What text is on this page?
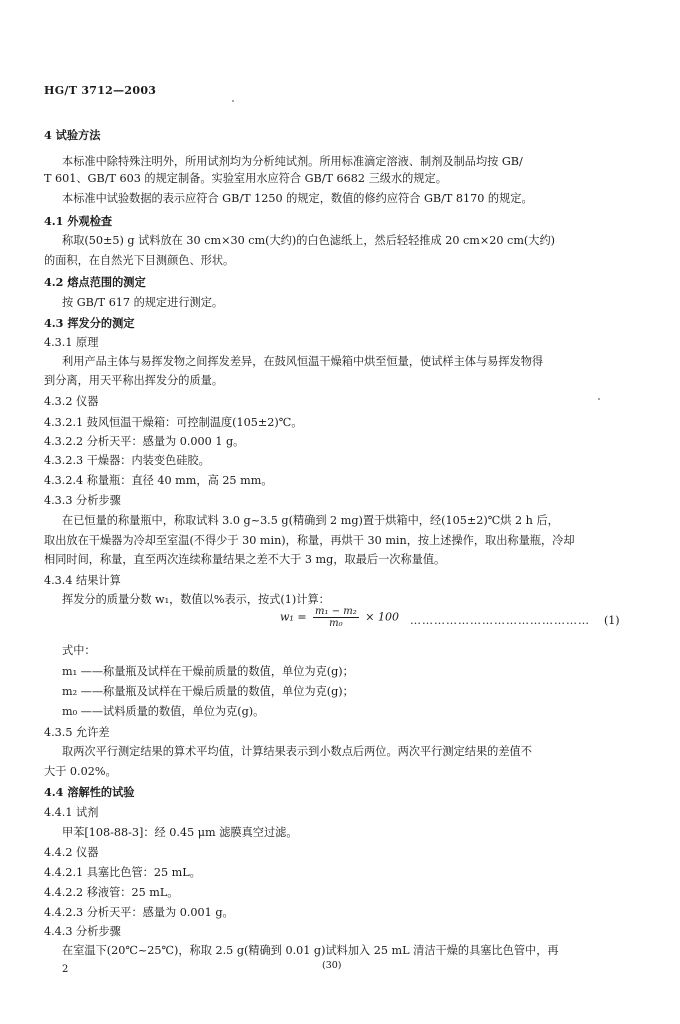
HG/T 3712—2003
4 试验方法
本标准中除特殊注明外，所用试剂均为分析纯试剂。所用标准滴定溶液、制剂及制品均按 GB/
T 601、GB/T 603 的规定制备。实验室用水应符合 GB/T 6682 三级水的规定。
本标准中试验数据的表示应符合 GB/T 1250 的规定，数值的修约应符合 GB/T 8170 的规定。
4.1 外观检查
称取(50±5) g 试料放在 30 cm×30 cm(大约)的白色滤纸上，然后轻轻推成 20 cm×20 cm(大约)
的面积，在自然光下目测颜色、形状。
4.2 熔点范围的测定
按 GB/T 617 的规定进行测定。
4.3 挥发分的测定
4.3.1 原理
利用产品主体与易挥发物之间挥发差异，在鼓风恒温干燥箱中烘至恒量，使试样主体与易挥发物得
到分离，用天平称出挥发分的质量。
4.3.2 仪器
4.3.2.1 鼓风恒温干燥箱：可控制温度(105±2)℃。
4.3.2.2 分析天平：感量为 0.000 1 g。
4.3.2.3 干燥器：内装变色硅胶。
4.3.2.4 称量瓶：直径 40 mm，高 25 mm。
4.3.3 分析步骤
在已恒量的称量瓶中，称取试料 3.0 g~3.5 g(精确到 2 mg)置于烘箱中，经(105±2)℃烘 2 h 后，
取出放在干燥器为冷却至室温(不得少于 30 min)，称量，再烘干 30 min，按上述操作，取出称量瓶，冷却
相同时间，称量，直至两次连续称量结果之差不大于 3 mg，取最后一次称量值。
4.3.4 结果计算
挥发分的质量分数 w₁，数值以%表示，按式(1)计算：
$w_1 = \frac{\text{m₁ − m₂}}{\text{m₀}} \times 100$ ……………………………………… (1)
式中：
m₁ ——称量瓶及试样在干燥前质量的数值，单位为克(g)；
m₂ ——称量瓶及试样在干燥后质量的数值，单位为克(g)；
m₀ ——试料质量的数值，单位为克(g)。
4.3.5 允许差
取两次平行测定结果的算术平均值，计算结果表示到小数点后两位。两次平行测定结果的差值不
大于 0.02%。
4.4 溶解性的试验
4.4.1 试剂
甲苯[108-88-3]：经 0.45 μm 滤膜真空过滤。
4.4.2 仪器
4.4.2.1 具塞比色管：25 mL。
4.4.2.2 移液管：25 mL。
4.4.2.3 分析天平：感量为 0.001 g。
4.4.3 分析步骤
在室温下(20℃~25℃)，称取 2.5 g(精确到 0.01 g)试料加入 25 mL 清洁干燥的具塞比色管中，再
2	(30)
